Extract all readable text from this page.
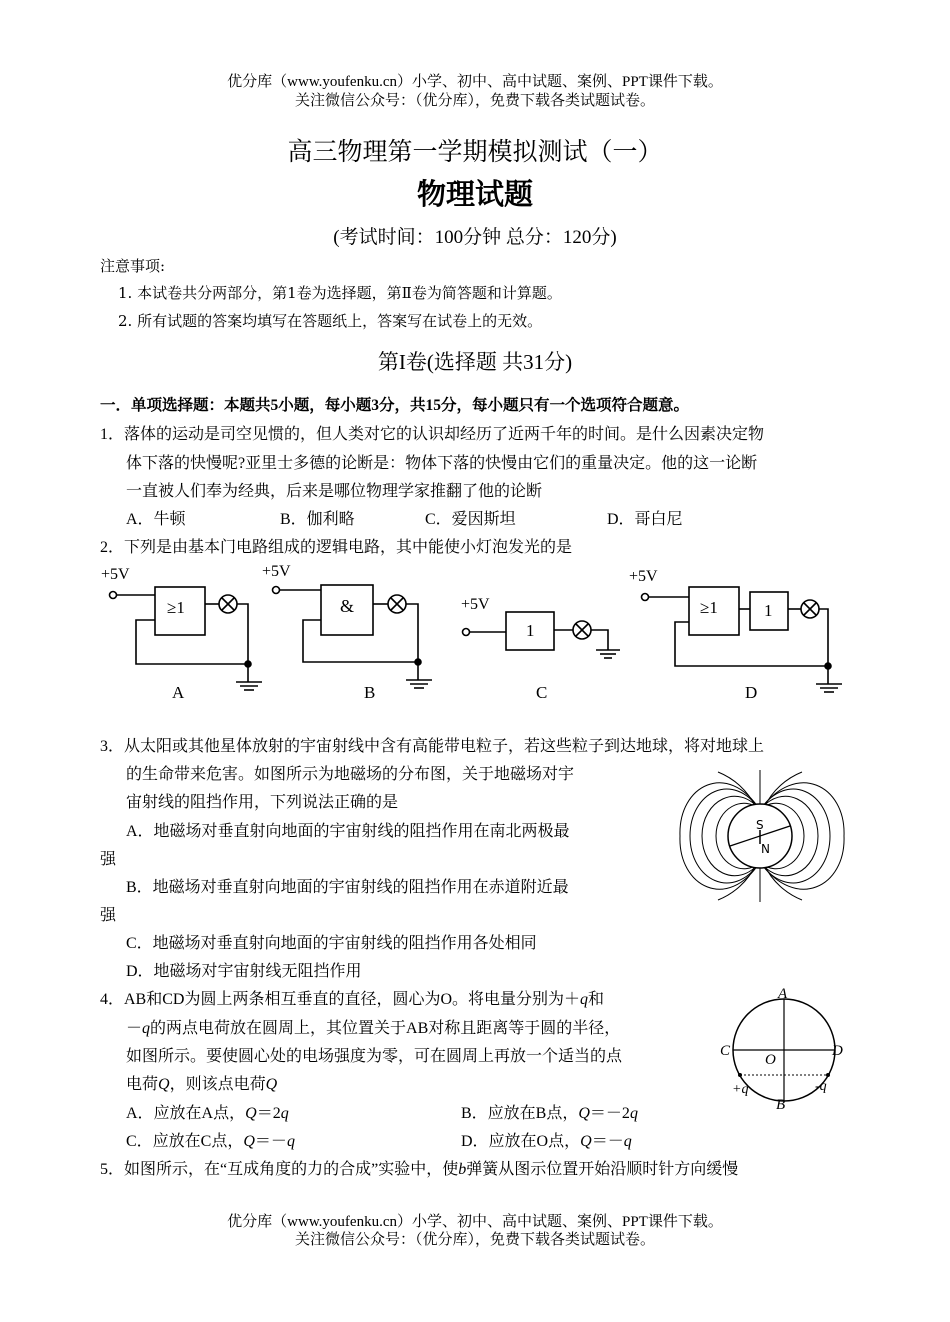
优分库（www.youfenku.cn）小学、初中、高中试题、案例、PPT课件下载。
关注微信公众号：（优分库），免费下载各类试题试卷。
高三物理第一学期模拟测试（一）
物理试题
(考试时间：100分钟 总分：120分)
注意事项:
1. 本试卷共分两部分，第1卷为选择题，第Ⅱ卷为简答题和计算题。
2. 所有试题的答案均填写在答题纸上，答案写在试卷上的无效。
第I卷(选择题 共31分)
一．单项选择题：本题共5小题，每小题3分，共15分，每小题只有一个选项符合题意。
1．落体的运动是司空见惯的，但人类对它的认识却经历了近两千年的时间。是什么因素决定物
体下落的快慢呢?亚里士多德的论断是：物体下落的快慢由它们的重量决定。他的这一论断
一直被人们奉为经典，后来是哪位物理学家推翻了他的论断
A．牛顿	B．伽利略	C．爱因斯坦	D．哥白尼
2．下列是由基本门电路组成的逻辑电路，其中能使小灯泡发光的是
+5V
≥1
A
+5V
&
B
+5V
1
C
+5V
≥1	1
D
3．从太阳或其他星体放射的宇宙射线中含有高能带电粒子，若这些粒子到达地球，将对地球上
的生命带来危害。如图所示为地磁场的分布图，关于地磁场对宇
宙射线的阻挡作用，下列说法正确的是
A．地磁场对垂直射向地面的宇宙射线的阻挡作用在南北两极最
强
B．地磁场对垂直射向地面的宇宙射线的阻挡作用在赤道附近最
强
C．地磁场对垂直射向地面的宇宙射线的阻挡作用各处相同
D．地磁场对宇宙射线无阻挡作用
S
N
4．AB和CD为圆上两条相互垂直的直径，圆心为O。将电量分别为＋q和
－q的两点电荷放在圆周上，其位置关于AB对称且距离等于圆的半径，
如图所示。要使圆心处的电场强度为零，可在圆周上再放一个适当的点
电荷Q，则该点电荷Q
A．应放在A点，Q＝2q	B．应放在B点，Q＝－2q
C．应放在C点，Q＝－q	D．应放在O点，Q＝－q
A
B
C	D
O
+q	-q
5．如图所示，在“互成角度的力的合成”实验中，使b弹簧从图示位置开始沿顺时针方向缓慢
优分库（www.youfenku.cn）小学、初中、高中试题、案例、PPT课件下载。
关注微信公众号：（优分库），免费下载各类试题试卷。
